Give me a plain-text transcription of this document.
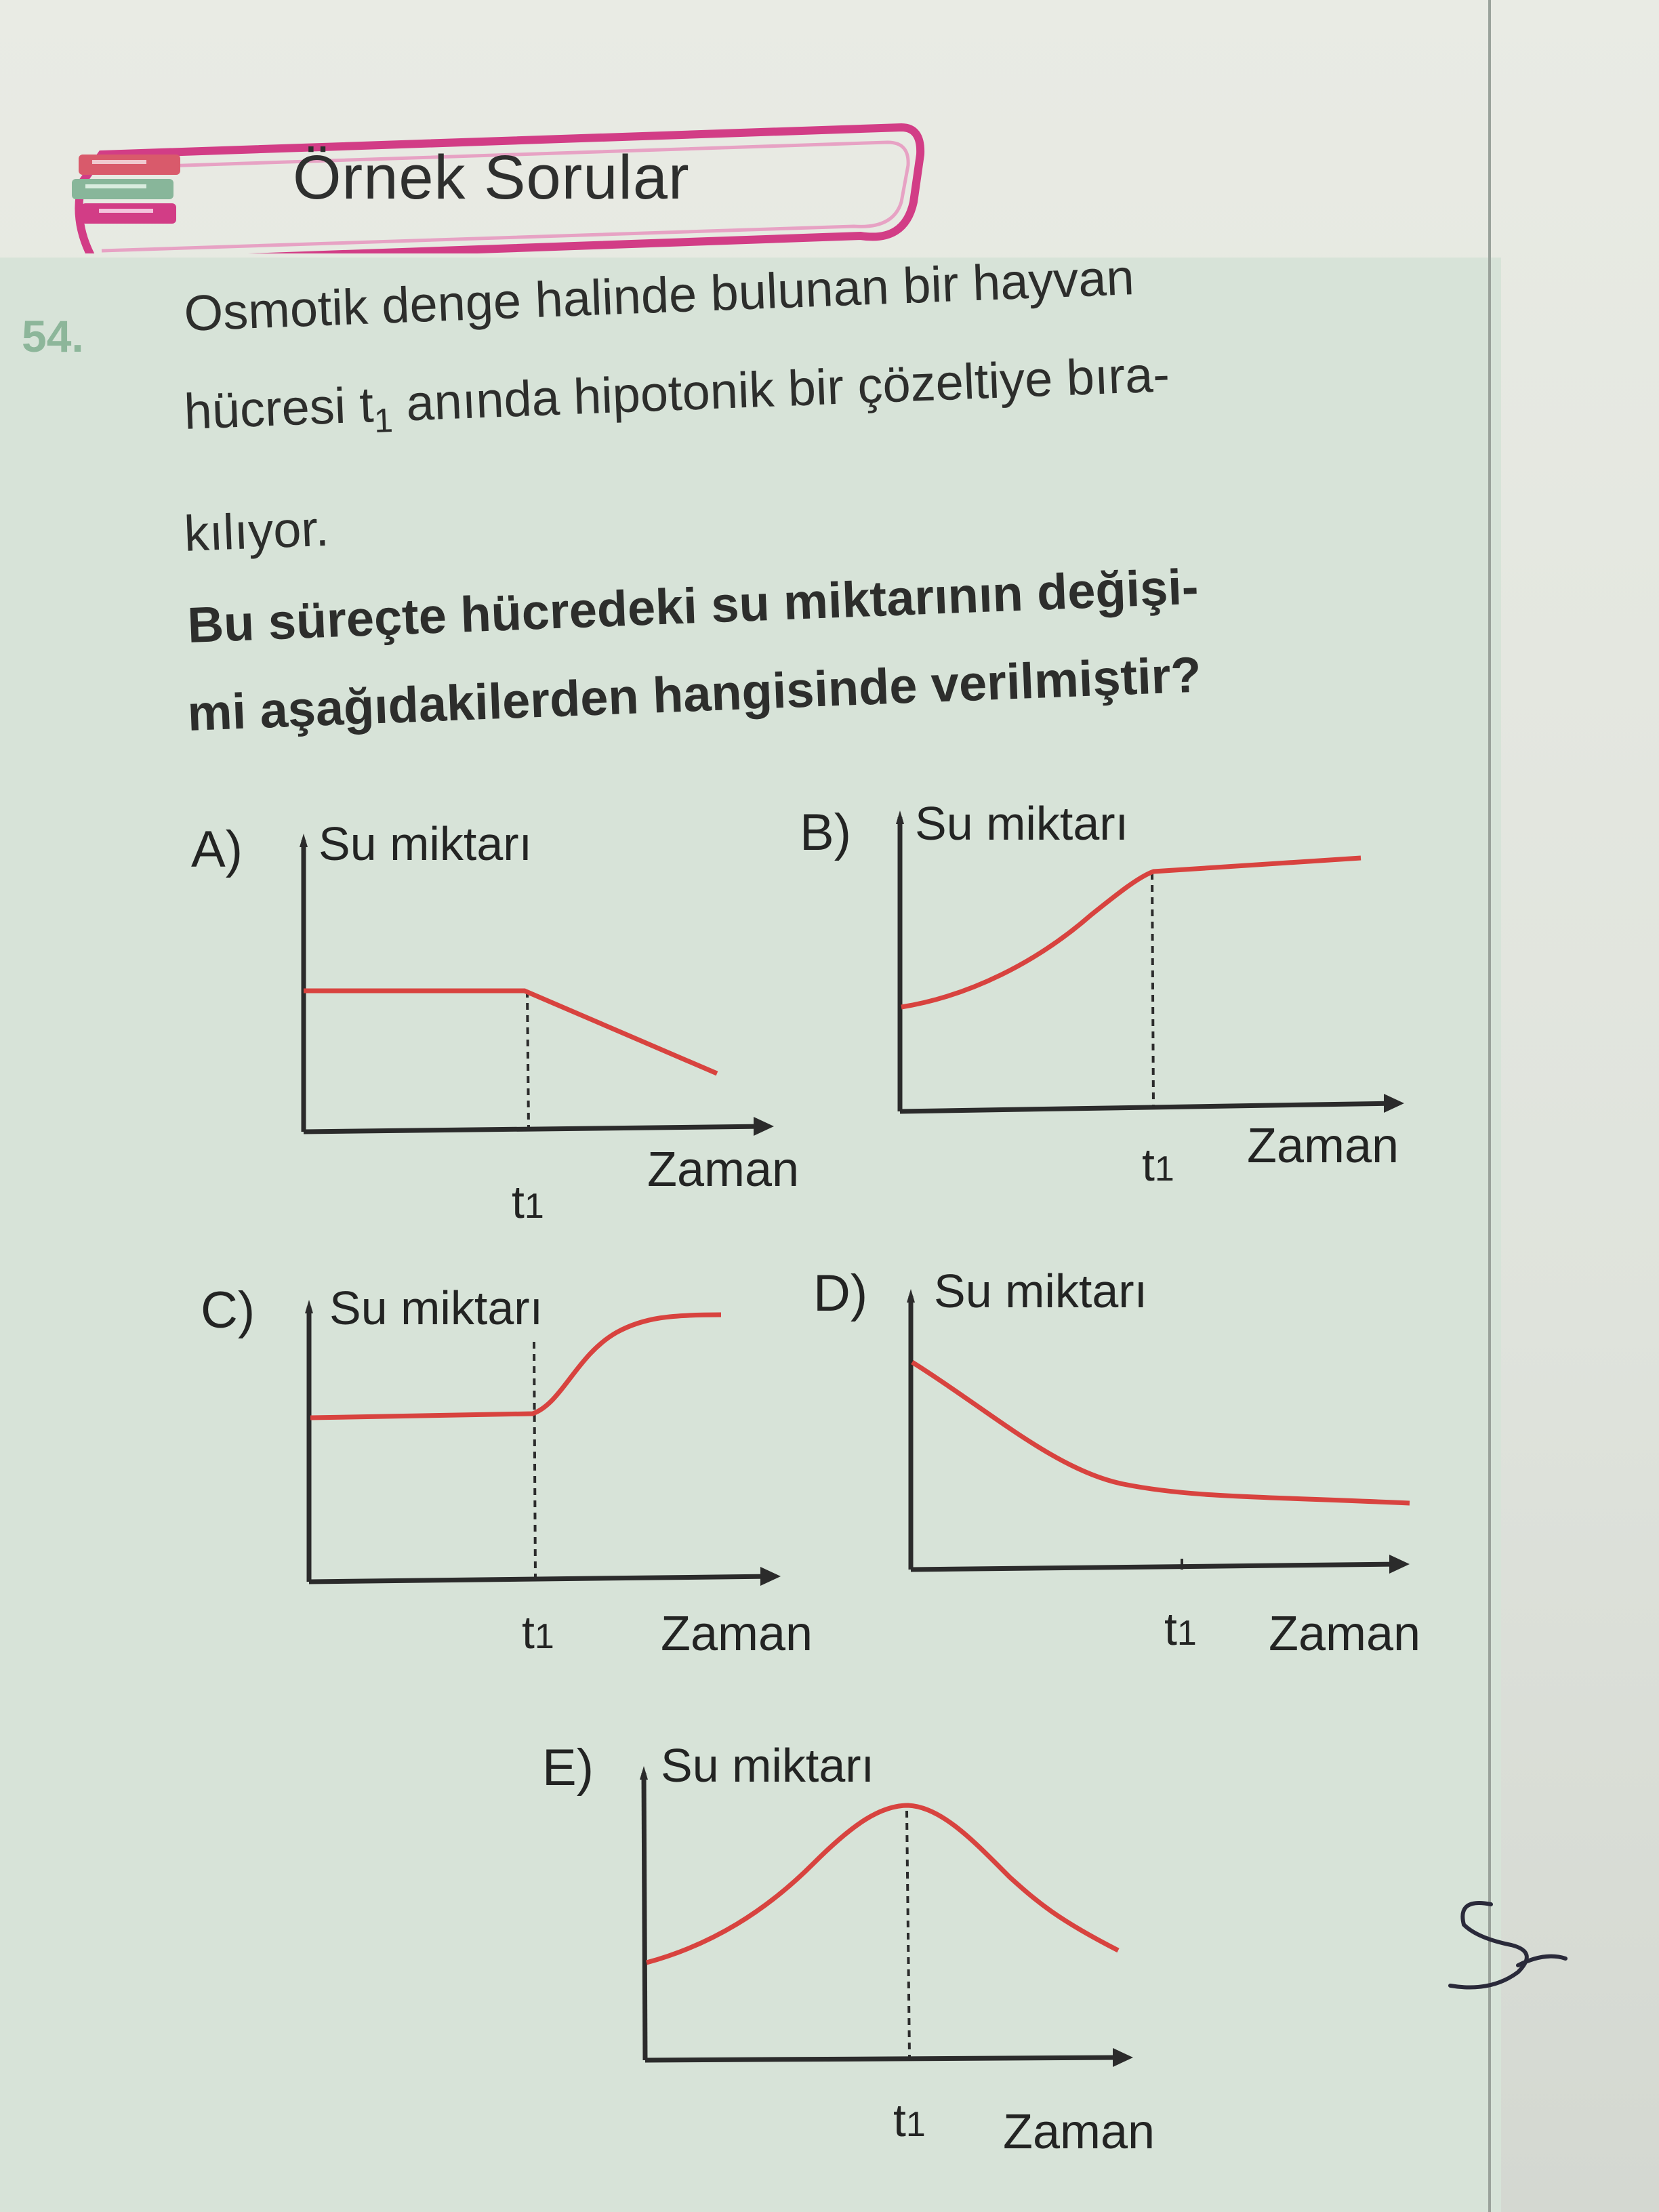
Örnek Sorular
54. Osmotik denge halinde bulunan bir hayvan
hücresi $t_1$ anında hipotonik bir çözeltiye bıra-
kılıyor.
Bu süreçte hücredeki su miktarının değişi-
mi aşağıdakilerden hangisinde verilmiştir?
A) Su miktarı
t1
Zaman
B) Su miktarı
t1 Zaman
C) Su miktarı
t1 Zaman
D) Su miktarı
t1 Zaman
E) Su miktarı
t1 Zaman
